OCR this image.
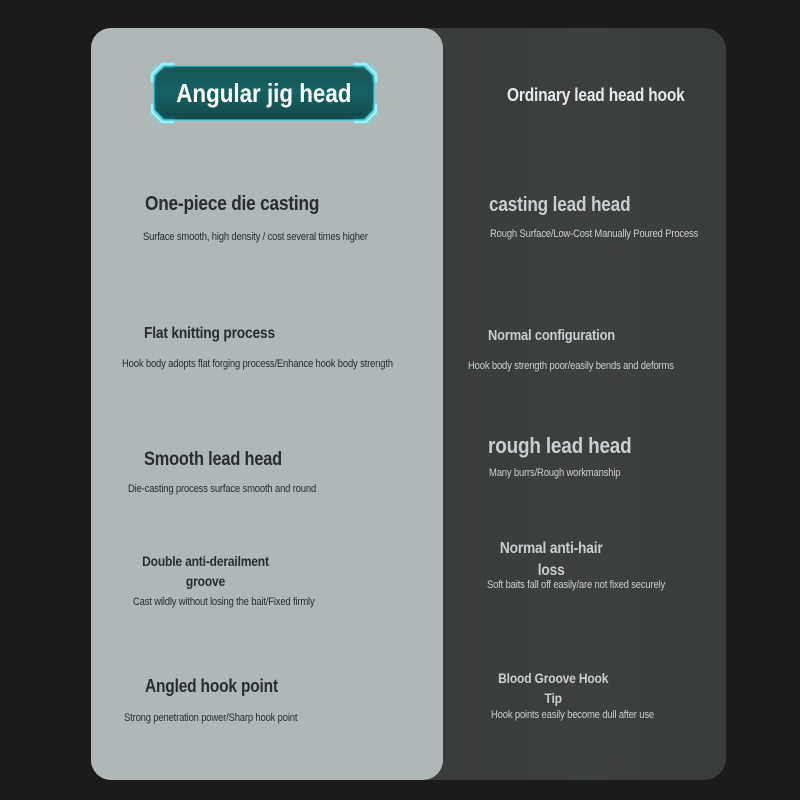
Angular jig head	Ordinary lead head hook
One-piece die casting
Surface smooth, high density / cost several times higher
Flat knitting process
Hook body adopts flat forging process/Enhance hook body strength
Smooth lead head
Die-casting process surface smooth and round
Double anti-derailment groove
Cast wildly without losing the bait/Fixed firmly
Angled hook point
Strong penetration power/Sharp hook point
casting lead head
Rough Surface/Low-Cost Manually Poured Process
Normal configuration
Hook body strength poor/easily bends and deforms
rough lead head
Many burrs/Rough workmanship
Normal anti-hair loss
Soft baits fall off easily/are not fixed securely
Blood Groove Hook Tip
Hook points easily become dull after use
